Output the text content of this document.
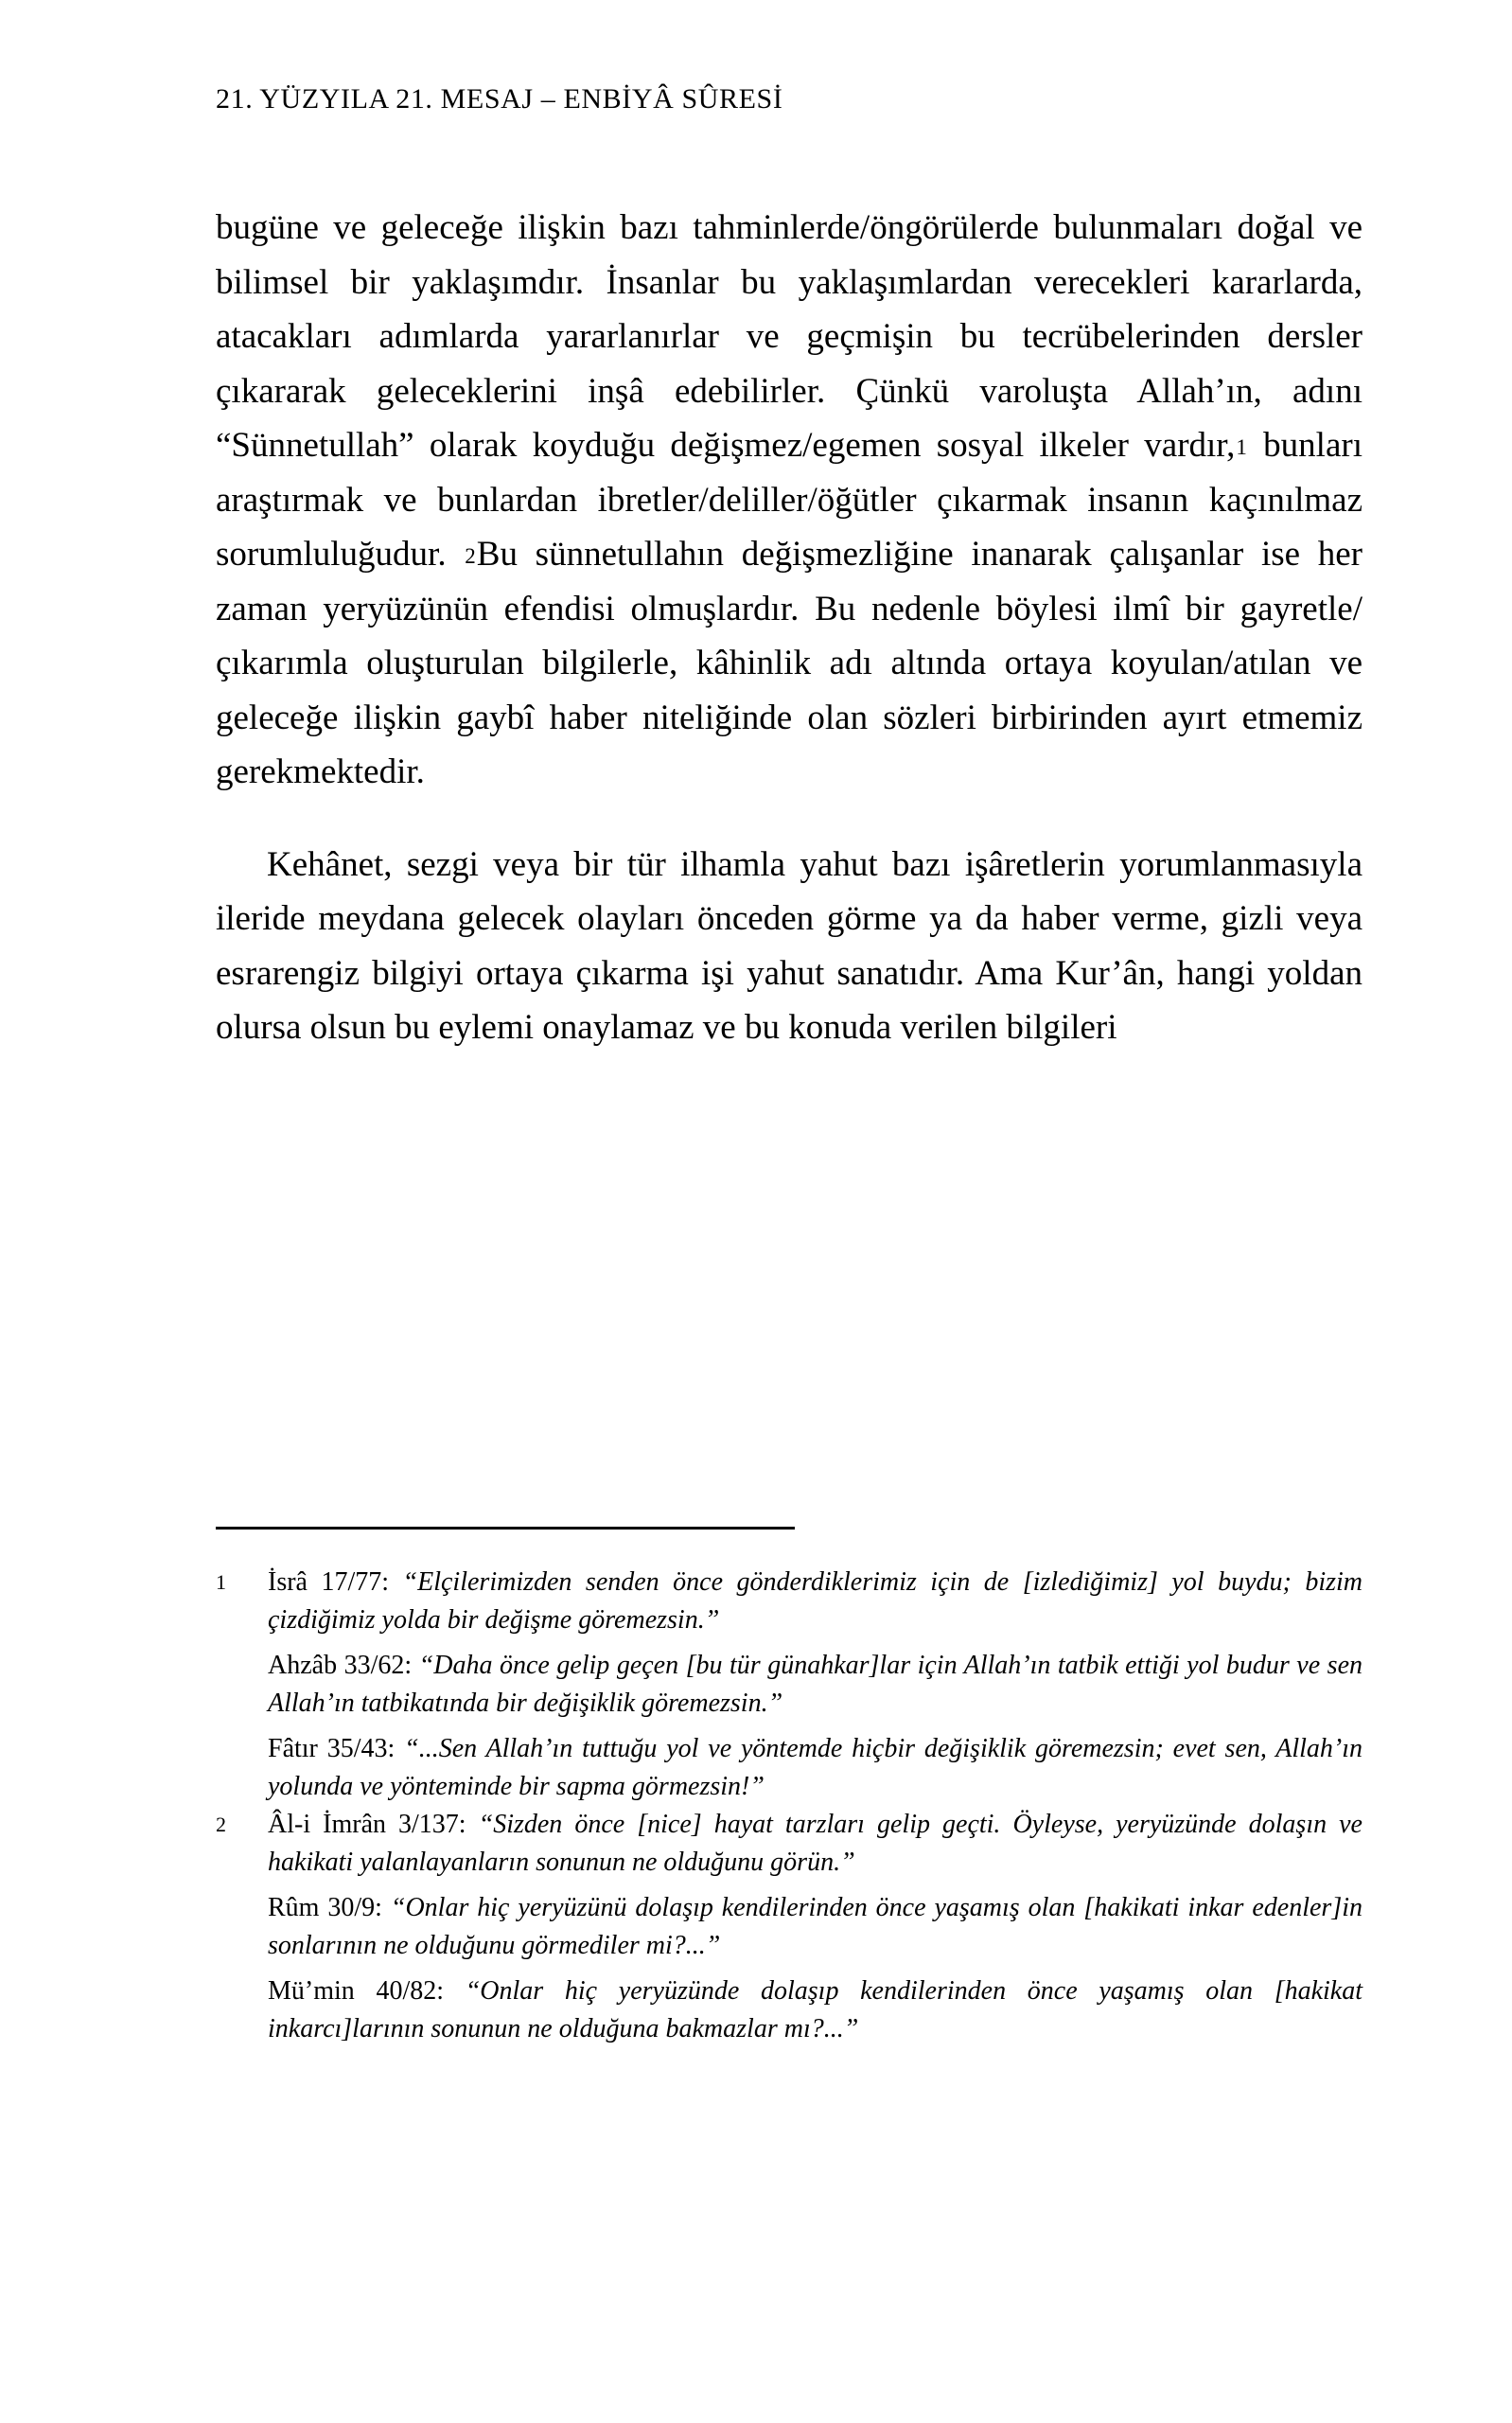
21. YÜZYILA 21. MESAJ – ENBİYÂ SÛRESİ

bugüne ve geleceğe ilişkin bazı tahminlerde/öngörülerde bulunmaları doğal ve bilimsel bir yaklaşımdır. İnsanlar bu yaklaşımlardan verecekleri kararlarda, atacakları adımlarda yararlanırlar ve geçmişin bu tecrübelerinden dersler çıkararak geleceklerini inşâ edebilirler. Çünkü varoluşta Allah’ın, adını “Sünnetullah” olarak koyduğu değişmez/egemen sosyal ilkeler vardır,$^1$ bunları araştırmak ve bunlardan ibretler/deliller/öğütler çıkarmak insanın kaçınılmaz sorumluluğudur. $^2$Bu sünnetullahın değişmezliğine inanarak çalışanlar ise her zaman yeryüzünün efendisi olmuşlardır. Bu nedenle böylesi ilmî bir gayretle/çıkarımla oluşturulan bilgilerle, kâhinlik adı altında ortaya koyulan/atılan ve geleceğe ilişkin gaybî haber niteliğinde olan sözleri birbirinden ayırt etmemiz gerekmektedir.

Kehânet, sezgi veya bir tür ilhamla yahut bazı işâretlerin yorumlanmasıyla ileride meydana gelecek olayları önceden görme ya da haber verme, gizli veya esrarengiz bilgiyi ortaya çıkarma işi yahut sanatıdır. Ama Kur’ân, hangi yoldan olursa olsun bu eylemi onaylamaz ve bu konuda verilen bilgileri

1	İsrâ 17/77: “Elçilerimizden senden önce gönderdiklerimiz için de [izlediğimiz] yol buydu; bizim çizdiğimiz yolda bir değişme göremezsin.”
Ahzâb 33/62: “Daha önce gelip geçen [bu tür günahkar]lar için Allah’ın tatbik ettiği yol budur ve sen Allah’ın tatbikatında bir değişiklik göremezsin.”
Fâtır 35/43: “...Sen Allah’ın tuttuğu yol ve yöntemde hiçbir değişiklik göremezsin; evet sen, Allah’ın yolunda ve yönteminde bir sapma görmezsin!”
2	Âl-i İmrân 3/137: “Sizden önce [nice] hayat tarzları gelip geçti. Öyleyse, yeryüzünde dolaşın ve hakikati yalanlayanların sonunun ne olduğunu görün.”
Rûm 30/9: “Onlar hiç yeryüzünü dolaşıp kendilerinden önce yaşamış olan [hakikati inkar edenler]in sonlarının ne olduğunu görmediler mi?...”
Mü’min 40/82: “Onlar hiç yeryüzünde dolaşıp kendilerinden önce yaşamış olan [hakikat inkarcı]larının sonunun ne olduğuna bakmazlar mı?...”
